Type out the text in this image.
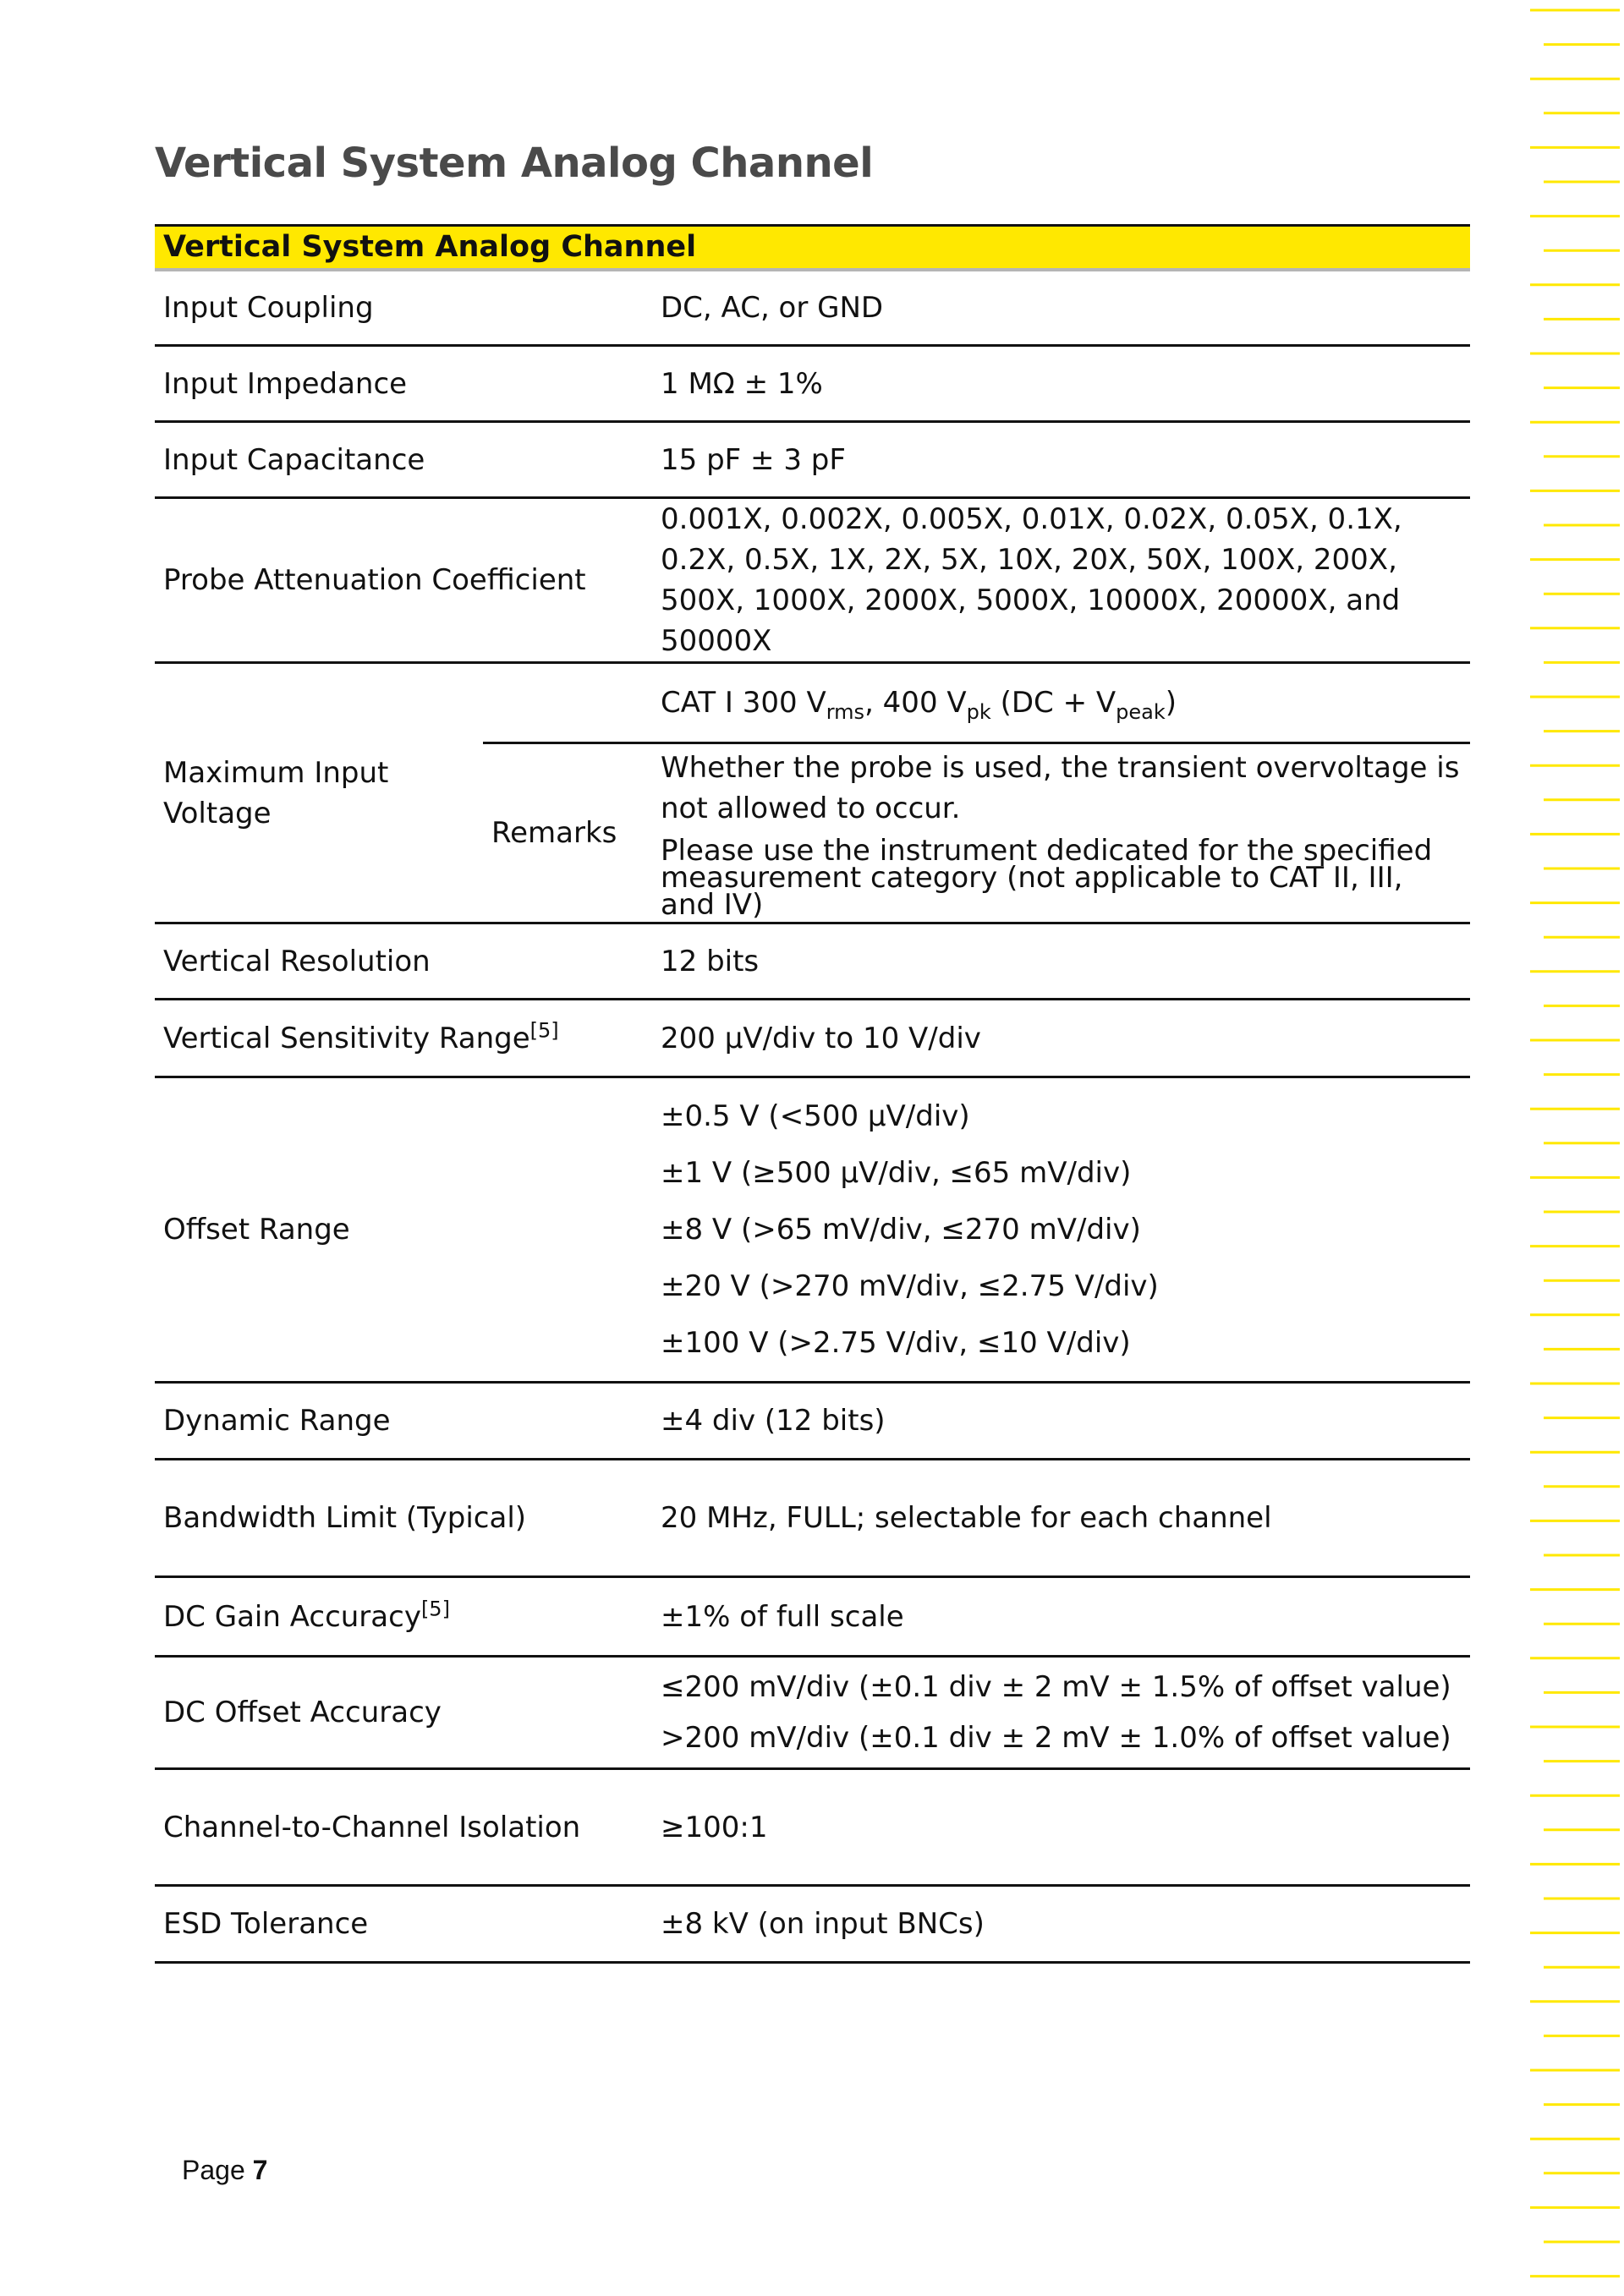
Vertical System Analog Channel
Vertical System Analog Channel		
Input Coupling		DC, AC, or GND
Input Impedance		1 MΩ ± 1%
Input Capacitance		15 pF ± 3 pF
Probe Attenuation Coefficient		0.001X, 0.002X, 0.005X, 0.01X, 0.02X, 0.05X, 0.1X, 0.2X, 0.5X, 1X, 2X, 5X, 10X, 20X, 50X, 100X, 200X, 500X, 1000X, 2000X, 5000X, 10000X, 20000X, and 50000X
Maximum Input Voltage		CAT I 300 $V_{rms}$, 400 $V_{pk}$ $(DC + V_{peak})$
	Remarks	Whether the probe is used, the transient overvoltage is not allowed to occur.
Please use the instrument dedicated for the specified measurement category (not applicable to CAT II, III, and IV)

Vertical Resolution		12 bits
Vertical Sensitivity Range[5]		200 μV/div to 10 V/div
Offset Range		±0.5 V (<500 μV/div)
±1 V (≥500 μV/div, ≤65 mV/div)
±8 V (>65 mV/div, ≤270 mV/div)
±20 V (>270 mV/div, ≤2.75 V/div)
±100 V (>2.75 V/div, ≤10 V/div)

Dynamic Range		±4 div (12 bits)
Bandwidth Limit (Typical)		20 MHz, FULL; selectable for each channel
DC Gain Accuracy[5]		±1% of full scale
DC Offset Accuracy		≤200 mV/div (±0.1 div ± 2 mV ± 1.5% of offset value)
>200 mV/div (±0.1 div ± 2 mV ± 1.0% of offset value)

Channel-to-Channel Isolation		≥100:1
ESD Tolerance		±8 kV (on input BNCs)
Page 7
